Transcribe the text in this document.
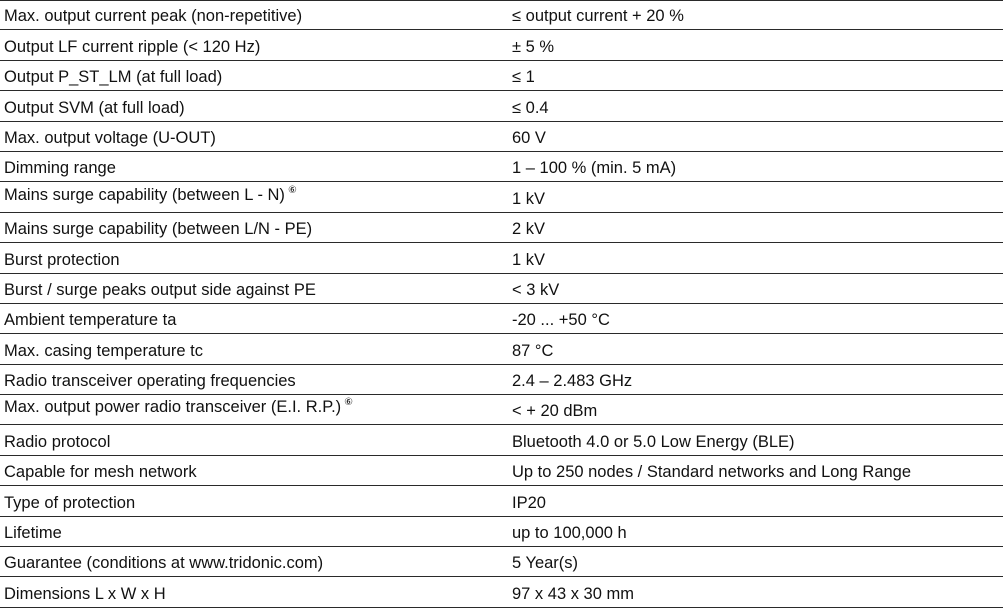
Max. output current peak (non-repetitive)	≤ output current + 20 %
Output LF current ripple (< 120 Hz)	± 5 %
Output P_ST_LM (at full load)	≤ 1
Output SVM (at full load)	≤ 0.4
Max. output voltage (U-OUT)	60 V
Dimming range	1 – 100 % (min. 5 mA)
Mains surge capability (between L - N) ⑥	1 kV
Mains surge capability (between L/N - PE)	2 kV
Burst protection	1 kV
Burst / surge peaks output side against PE	< 3 kV
Ambient temperature ta	-20 ... +50 °C
Max. casing temperature tc	87 °C
Radio transceiver operating frequencies	2.4 – 2.483 GHz
Max. output power radio transceiver (E.I. R.P.) ⑥	< + 20 dBm
Radio protocol	Bluetooth 4.0 or 5.0 Low Energy (BLE)
Capable for mesh network	Up to 250 nodes / Standard networks and Long Range
Type of protection	IP20
Lifetime	up to 100,000 h
Guarantee (conditions at www.tridonic.com)	5 Year(s)
Dimensions L x W x H	97 x 43 x 30 mm
